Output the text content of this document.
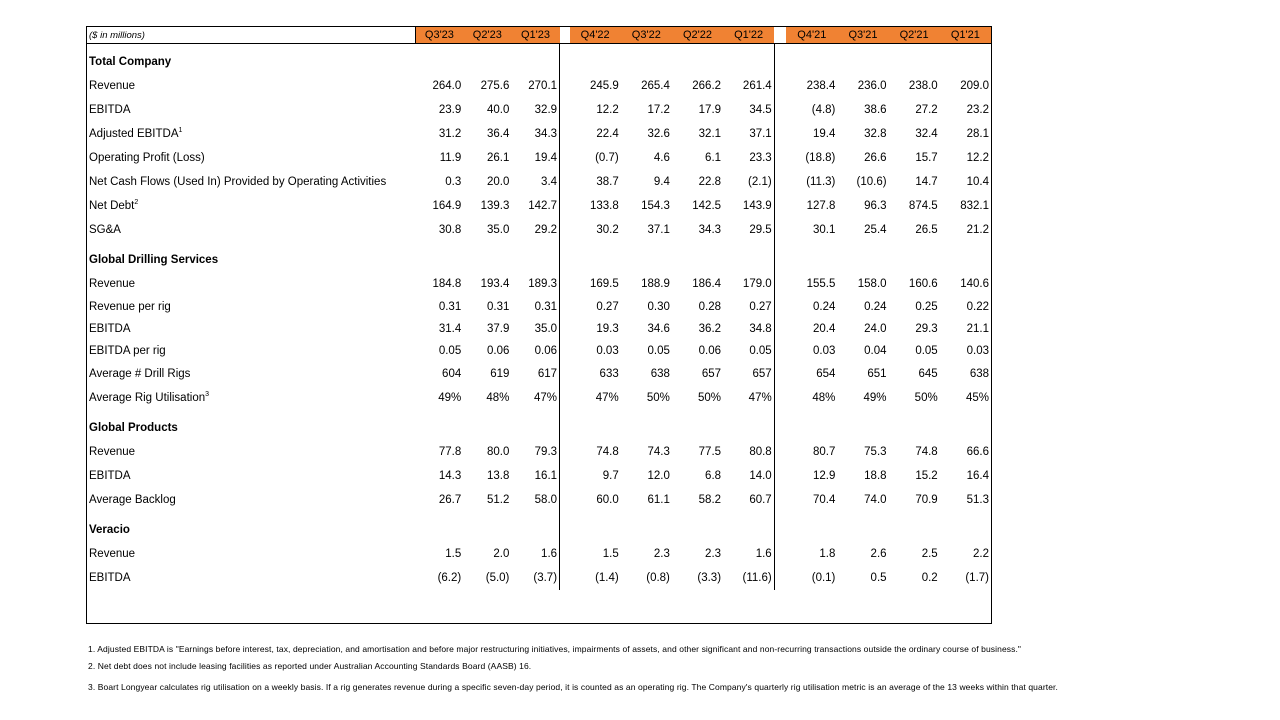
($ in millions)	Q3'23	Q2'23	Q1'23		Q4'22	Q3'22	Q2'22	Q1'22		Q4'21	Q3'21	Q2'21	Q1'21
Total Company													
Revenue	264.0	275.6	270.1		245.9	265.4	266.2	261.4		238.4	236.0	238.0	209.0
EBITDA	23.9	40.0	32.9		12.2	17.2	17.9	34.5		(4.8)	38.6	27.2	23.2
Adjusted EBITDA$^1$	31.2	36.4	34.3		22.4	32.6	32.1	37.1		19.4	32.8	32.4	28.1
Operating Profit (Loss)	11.9	26.1	19.4		(0.7)	4.6	6.1	23.3		(18.8)	26.6	15.7	12.2
Net Cash Flows (Used In) Provided by Operating Activities	0.3	20.0	3.4		38.7	9.4	22.8	(2.1)		(11.3)	(10.6)	14.7	10.4
Net Debt$^2$	164.9	139.3	142.7		133.8	154.3	142.5	143.9		127.8	96.3	874.5	832.1
SG&A	30.8	35.0	29.2		30.2	37.1	34.3	29.5		30.1	25.4	26.5	21.2
Global Drilling Services													
Revenue	184.8	193.4	189.3		169.5	188.9	186.4	179.0		155.5	158.0	160.6	140.6
Revenue per rig	0.31	0.31	0.31		0.27	0.30	0.28	0.27		0.24	0.24	0.25	0.22
EBITDA	31.4	37.9	35.0		19.3	34.6	36.2	34.8		20.4	24.0	29.3	21.1
EBITDA per rig	0.05	0.06	0.06		0.03	0.05	0.06	0.05		0.03	0.04	0.05	0.03
Average # Drill Rigs	604	619	617		633	638	657	657		654	651	645	638
Average Rig Utilisation$^3$	49%	48%	47%		47%	50%	50%	47%		48%	49%	50%	45%
Global Products													
Revenue	77.8	80.0	79.3		74.8	74.3	77.5	80.8		80.7	75.3	74.8	66.6
EBITDA	14.3	13.8	16.1		9.7	12.0	6.8	14.0		12.9	18.8	15.2	16.4
Average Backlog	26.7	51.2	58.0		60.0	61.1	58.2	60.7		70.4	74.0	70.9	51.3
Veracio													
Revenue	1.5	2.0	1.6		1.5	2.3	2.3	1.6		1.8	2.6	2.5	2.2
EBITDA	(6.2)	(5.0)	(3.7)		(1.4)	(0.8)	(3.3)	(11.6)		(0.1)	0.5	0.2	(1.7)
1. Adjusted EBITDA is "Earnings before interest, tax, depreciation, and amortisation and before major restructuring initiatives, impairments of assets, and other significant and non-recurring transactions outside the ordinary course of business."
2. Net debt does not include leasing facilities as reported under Australian Accounting Standards Board (AASB) 16.
3. Boart Longyear calculates rig utilisation on a weekly basis. If a rig generates revenue during a specific seven-day period, it is counted as an operating rig. The Company's quarterly rig utilisation metric is an average of the 13 weeks within that quarter.
